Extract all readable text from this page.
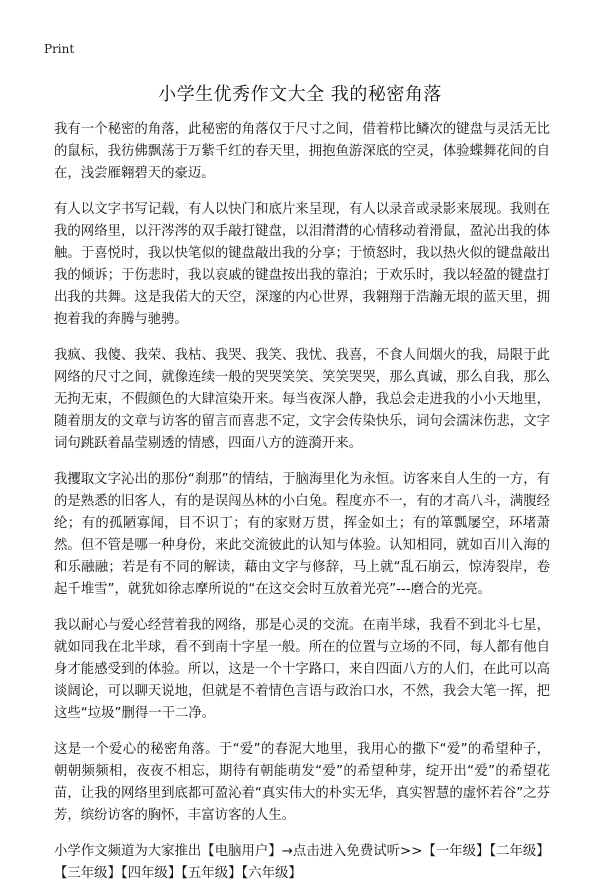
Print
小学生优秀作文大全 我的秘密角落

我有一个秘密的角落，此秘密的角落仅于尺寸之间，借着栉比鳞次的键盘与灵活无比的鼠标，我彷佛飘荡于万紫千红的春天里，拥抱鱼游深底的空灵，体验蝶舞花间的自在，浅尝雁翱碧天的豪迈。

有人以文字书写记载，有人以快门和底片来呈现，有人以录音或录影来展现。我则在我的网络里，以汗涔涔的双手敲打键盘，以泪潸潸的心情移动着滑鼠，盈沁出我的体触。于喜悦时，我以快笔似的键盘敲出我的分享；于愤怒时，我以热火似的键盘敲出我的倾诉；于伤悲时，我以哀戚的键盘按出我的靠泊；于欢乐时，我以轻盈的键盘打出我的共舞。这是我偌大的天空，深邃的内心世界，我翱翔于浩瀚无垠的蓝天里，拥抱着我的奔腾与驰骋。

我疯、我傻、我荣、我枯、我哭、我笑、我忧、我喜，不食人间烟火的我，局限于此网络的尺寸之间，就像连续一般的哭哭笑笑、笑笑哭哭，那么真诚，那么自我，那么无拘无束，不假颜色的大肆渲染开来。每当夜深人静，我总会走进我的小小天地里，随着朋友的文章与访客的留言而喜悲不定，文字会传染快乐，词句会濡沫伤悲，文字词句跳跃着晶莹剔透的情感，四面八方的涟漪开来。

我攫取文字沁出的那份“刹那”的情结，于脑海里化为永恒。访客来自人生的一方，有的是熟悉的旧客人，有的是误闯丛林的小白兔。程度亦不一，有的才高八斗，满腹经纶；有的孤陋寡闻，目不识丁；有的家财万贯，挥金如土；有的箪瓢屡空，环堵萧然。但不管是哪一种身份，来此交流彼此的认知与体验。认知相同，就如百川入海的和乐融融；若是有不同的解读，藉由文字与修辞，马上就“乱石崩云，惊涛裂岸，卷起千堆雪”，就犹如徐志摩所说的“在这交会时互放着光亮”---磨合的光亮。

我以耐心与爱心经营着我的网络，那是心灵的交流。在南半球，我看不到北斗七星，就如同我在北半球，看不到南十字星一般。所在的位置与立场的不同，每人都有他自身才能感受到的体验。所以，这是一个十字路口，来自四面八方的人们，在此可以高谈阔论，可以聊天说地，但就是不着情色言语与政治口水，不然，我会大笔一挥，把这些“垃圾”删得一干二净。

这是一个爱心的秘密角落。于“爱”的春泥大地里，我用心的撒下“爱”的希望种子，朝朝频频相，夜夜不相忘，期待有朝能萌发“爱”的希望种芽，绽开出“爱”的希望花苗，让我的网络里到底都可盈沁着“真实伟大的朴实无华，真实智慧的虚怀若谷”之芬芳，缤纷访客的胸怀，丰富访客的人生。

小学作文频道为大家推出【电脑用户】→点击进入免费试听>>【一年级】【二年级】【三年级】【四年级】【五年级】【六年级】
